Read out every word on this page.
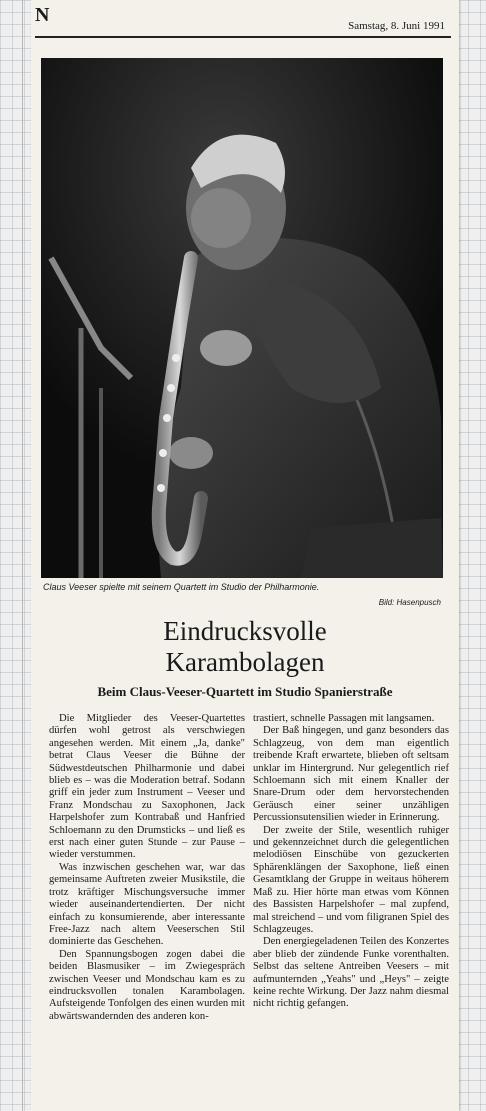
N	Samstag, 8. Juni 1991
Claus Veeser spielte mit seinem Quartett im Studio der Philharmonie.
Bild: Hasenpusch
Eindrucksvolle
Karambolagen
Beim Claus-Veeser-Quartett im Studio Spanierstraße

Die Mitglieder des Veeser-Quartettes dürfen wohl getrost als verschwiegen angesehen werden. Mit einem „Ja, danke" betrat Claus Veeser die Bühne der Südwestdeutschen Philharmonie und dabei blieb es – was die Moderation betraf. Sodann griff ein jeder zum Instrument – Veeser und Franz Mondschau zu Saxophonen, Jack Harpelshofer zum Kontrabaß und Hanfried Schloemann zu den Drumsticks – und ließ es erst nach einer guten Stunde – zur Pause – wieder verstummen.

Was inzwischen geschehen war, war das gemeinsame Auftreten zweier Musikstile, die trotz kräftiger Mischungsversuche immer wieder auseinandertendierten. Der nicht einfach zu konsumierende, aber interessante Free-Jazz nach altem Veeserschen Stil dominierte das Geschehen.

Den Spannungsbogen zogen dabei die beiden Blasmusiker – im Zwiegespräch zwischen Veeser und Mondschau kam es zu eindrucksvollen tonalen Karambolagen. Aufsteigende Tonfolgen des einen wurden mit abwärtswandernden des anderen kon-

trastiert, schnelle Passagen mit langsamen.

Der Baß hingegen, und ganz besonders das Schlagzeug, von dem man eigentlich treibende Kraft erwartete, blieben oft seltsam unklar im Hintergrund. Nur gelegentlich rief Schloemann sich mit einem Knaller der Snare-Drum oder dem hervorstechenden Geräusch einer seiner unzähligen Percussionsutensilien wieder in Erinnerung.

Der zweite der Stile, wesentlich ruhiger und gekennzeichnet durch die gelegentlichen melodiösen Einschübe von gezuckerten Sphärenklängen der Saxophone, ließ einen Gesamtklang der Gruppe in weitaus höherem Maß zu. Hier hörte man etwas vom Können des Bassisten Harpelshofer – mal zupfend, mal streichend – und vom filigranen Spiel des Schlagzeuges.

Den energiegeladenen Teilen des Konzertes aber blieb der zündende Funke vorenthalten. Selbst das seltene Antreiben Veesers – mit aufmunternden „Yeahs" und „Heys" – zeigte keine rechte Wirkung. Der Jazz nahm diesmal nicht richtig gefangen.
